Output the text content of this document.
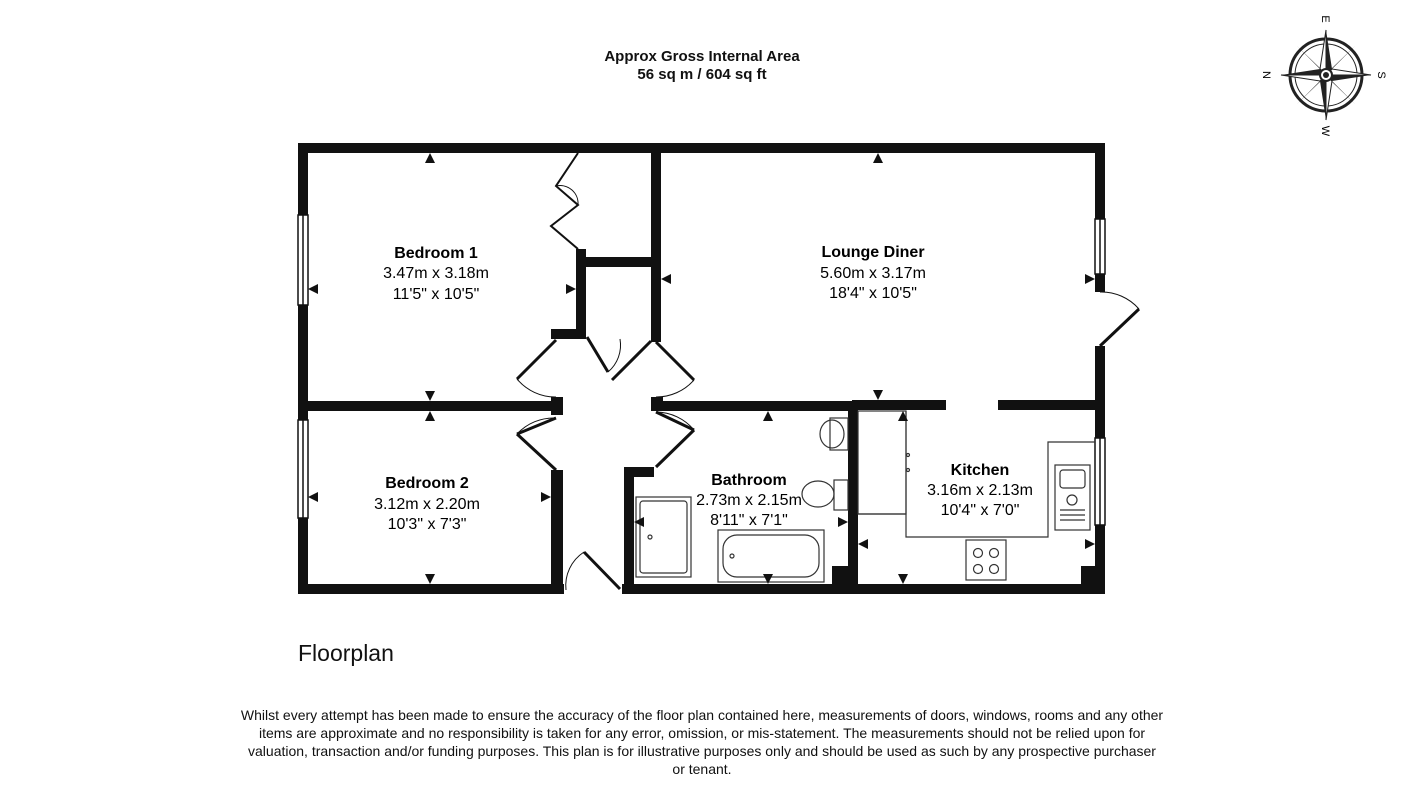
Approx Gross Internal Area
56 sq m / 604 sq ft	N
E
S
W
Bedroom 1
3.47m x 3.18m
11'5" x 10'5"
Lounge Diner
5.60m x 3.17m
18'4" x 10'5"
Bedroom 2
3.12m x 2.20m
10'3" x 7'3"
Bathroom
2.73m x 2.15m
8'11" x 7'1"
Kitchen
3.16m x 2.13m
10'4" x 7'0"
Floorplan
Whilst every attempt has been made to ensure the accuracy of the floor plan contained here, measurements of doors, windows, rooms and any other items are approximate and no responsibility is taken for any error, omission, or mis-statement. The measurements should not be relied upon for valuation, transaction and/or funding purposes. This plan is for illustrative purposes only and should be used as such by any prospective purchaser or tenant.
